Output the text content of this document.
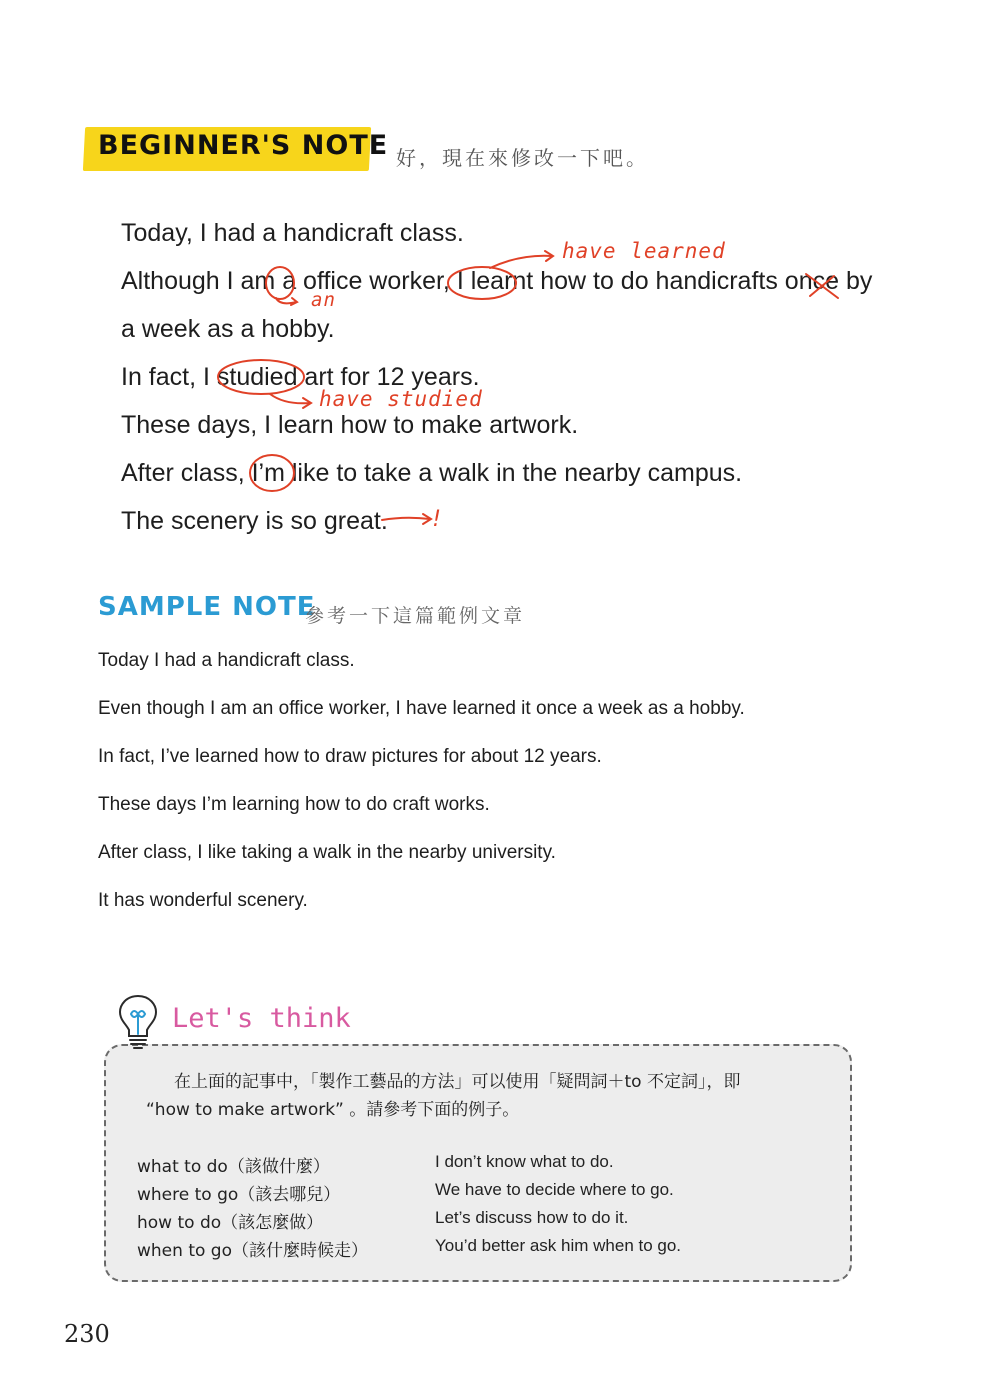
BEGINNER'S NOTE 好，現在來修改一下吧。
Today, I had a handicraft class.
Although I am a office worker, I learnt how to do handicrafts once by
a week as a hobby.
In fact, I studied art for 12 years.
These days, I learn how to make artwork.
After class, I’m like to take a walk in the nearby campus.
The scenery is so great.
have learned
an
have studied
!
SAMPLE NOTE
參考一下這篇範例文章
Today I had a handicraft class.
Even though I am an office worker, I have learned it once a week as a hobby.
In fact, I’ve learned how to draw pictures for about 12 years.
These days I’m learning how to do craft works.
After class, I like taking a walk in the nearby university.
It has wonderful scenery.
Let's think
在上面的記事中，「製作工藝品的方法」可以使用「疑問詞＋to 不定詞」，即
“how to make artwork” 。請參考下面的例子。
what to do（該做什麼）	I don’t know what to do.
where to go（該去哪兒）	We have to decide where to go.
how to do（該怎麼做）	Let’s discuss how to do it.
when to go（該什麼時候走）	You’d better ask him when to go.
230
